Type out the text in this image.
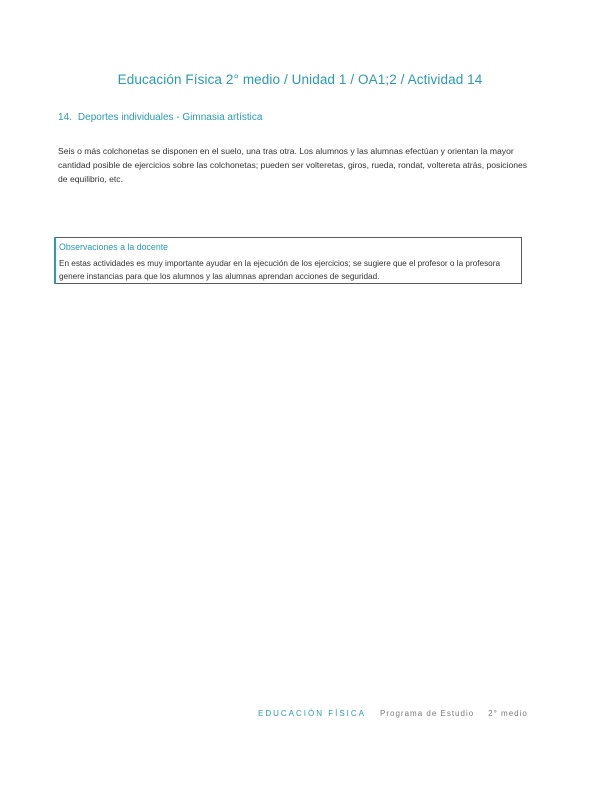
Educación Física 2° medio / Unidad 1 / OA1;2 / Actividad 14
14. Deportes individuales - Gimnasia artística
Seis o más colchonetas se disponen en el suelo, una tras otra. Los alumnos y las alumnas efectúan y orientan la mayor cantidad posible de ejercicios sobre las colchonetas; pueden ser volteretas, giros, rueda, rondat, voltereta atrás, posiciones de equilibrio, etc.
Observaciones a la docente
En estas actividades es muy importante ayudar en la ejecución de los ejercicios; se sugiere que el profesor o la profesora genere instancias para que los alumnos y las alumnas aprendan acciones de seguridad.
EDUCACIÓN FÍSICA Programa de Estudio 2° medio
